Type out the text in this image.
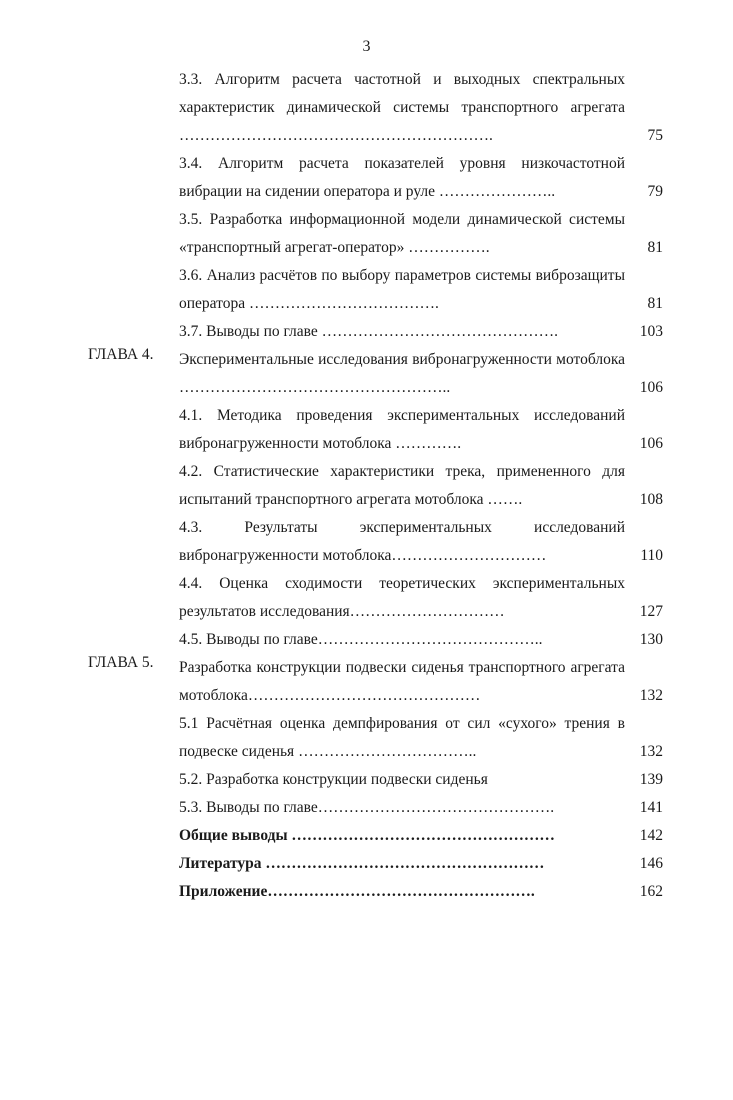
3
3.3. Алгоритм расчета частотной и выходных спектральных характеристик динамической системы транспортного агрегата …………………………………………………….	75
3.4. Алгоритм расчета показателей уровня низкочастотной вибрации на сидении оператора и руле …………………..	79
3.5. Разработка информационной модели динамической системы «транспортный агрегат-оператор» …………….	81
3.6. Анализ расчётов по выбору параметров системы виброзащиты оператора ……………………………….	81
3.7. Выводы по главе ……………………………………….	103
ГЛАВА 4. Экспериментальные исследования вибронагруженности мотоблока ……………………………………………..	106
4.1. Методика проведения экспериментальных исследований вибронагруженности мотоблока ………….	106
4.2. Статистические характеристики трека, примененного для испытаний транспортного агрегата мотоблока …….	108
4.3. Результаты экспериментальных исследований вибронагруженности мотоблока…………………………	110
4.4. Оценка сходимости теоретических экспериментальных результатов исследования…………………………	127
4.5. Выводы по главе……………………………………..	130
ГЛАВА 5. Разработка конструкции подвески сиденья транспортного агрегата мотоблока………………………………………	132
5.1 Расчётная оценка демпфирования от сил «сухого» трения в подвеске сиденья ……………………………..	132
5.2. Разработка конструкции подвески сиденья	139
5.3. Выводы по главе……………………………………….	141
Общие выводы ……………………………………………	142
Литература ………………………………………………	146
Приложение…………………………………………….	162
